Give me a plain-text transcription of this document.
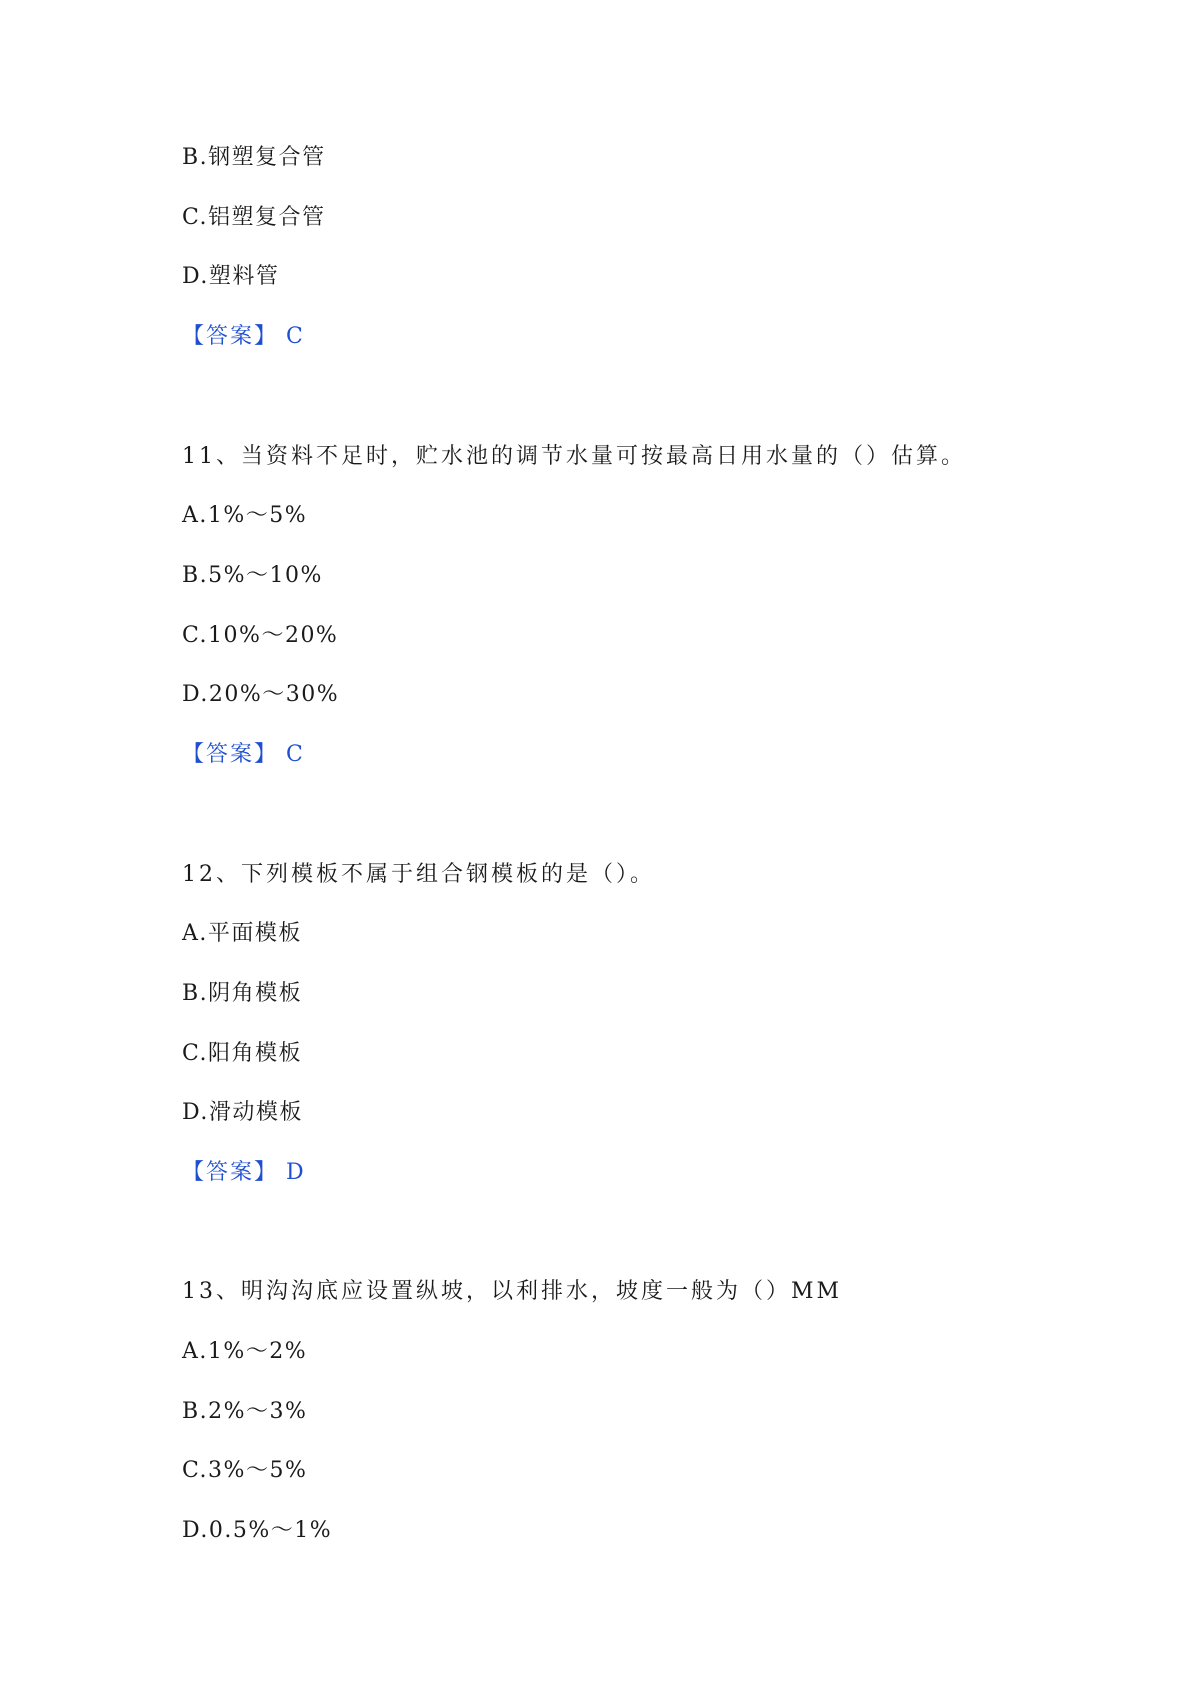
B.钢塑复合管
C.铝塑复合管
D.塑料管
【答案】 C
11、当资料不足时，贮水池的调节水量可按最高日用水量的（）估算。
A.1%～5%
B.5%～10%
C.10%～20%
D.20%～30%
【答案】 C
12、下列模板不属于组合钢模板的是（）。
A.平面模板
B.阴角模板
C.阳角模板
D.滑动模板
【答案】 D
13、明沟沟底应设置纵坡，以利排水，坡度一般为（）MM
A.1%～2%
B.2%～3%
C.3%～5%
D.0.5%～1%
